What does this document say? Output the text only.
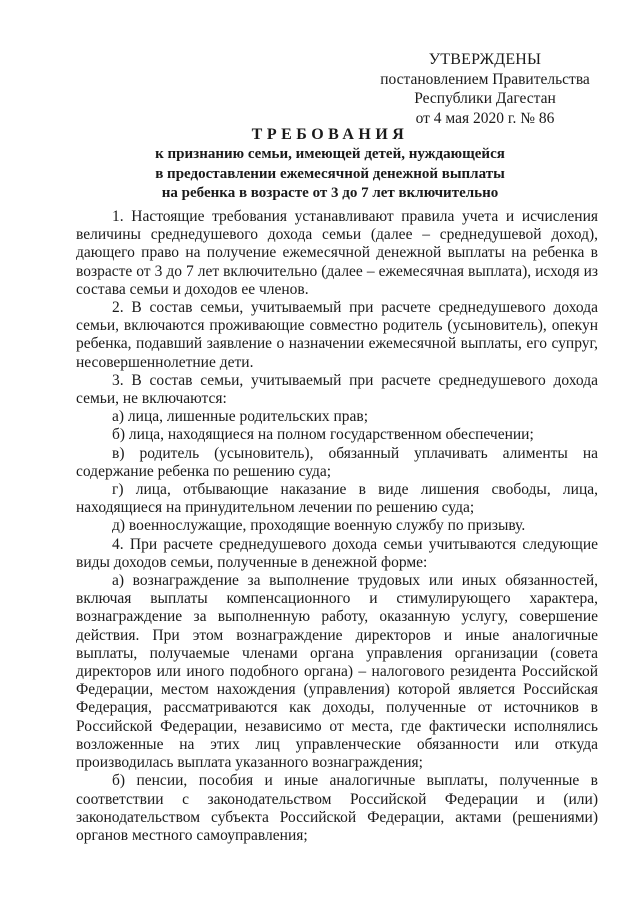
УТВЕРЖДЕНЫ
постановлением Правительства
Республики Дагестан
от 4 мая 2020 г. № 86
ТРЕБОВАНИЯ
к признанию семьи, имеющей детей, нуждающейся
в предоставлении ежемесячной денежной выплаты
на ребенка в возрасте от 3 до 7 лет включительно

1. Настоящие требования устанавливают правила учета и исчисления величины среднедушевого дохода семьи (далее – среднедушевой доход), дающего право на получение ежемесячной денежной выплаты на ребенка в возрасте от 3 до 7 лет включительно (далее – ежемесячная выплата), исходя из состава семьи и доходов ее членов.

2. В состав семьи, учитываемый при расчете среднедушевого дохода семьи, включаются проживающие совместно родитель (усыновитель), опекун ребенка, подавший заявление о назначении ежемесячной выплаты, его супруг, несовершеннолетние дети.

3. В состав семьи, учитываемый при расчете среднедушевого дохода семьи, не включаются:

а) лица, лишенные родительских прав;

б) лица, находящиеся на полном государственном обеспечении;

в) родитель (усыновитель), обязанный уплачивать алименты на содержание ребенка по решению суда;

г) лица, отбывающие наказание в виде лишения свободы, лица, находящиеся на принудительном лечении по решению суда;

д) военнослужащие, проходящие военную службу по призыву.

4. При расчете среднедушевого дохода семьи учитываются следующие виды доходов семьи, полученные в денежной форме:

а) вознаграждение за выполнение трудовых или иных обязанностей, включая выплаты компенсационного и стимулирующего характера, вознаграждение за выполненную работу, оказанную услугу, совершение действия. При этом вознаграждение директоров и иные аналогичные выплаты, получаемые членами органа управления организации (совета директоров или иного подобного органа) – налогового резидента Российской Федерации, местом нахождения (управления) которой является Российская Федерация, рассматриваются как доходы, полученные от источников в Российской Федерации, независимо от места, где фактически исполнялись возложенные на этих лиц управленческие обязанности или откуда производилась выплата указанного вознаграждения;

б) пенсии, пособия и иные аналогичные выплаты, полученные в соответствии с законодательством Российской Федерации и (или) законодательством субъекта Российской Федерации, актами (решениями) органов местного самоуправления;
